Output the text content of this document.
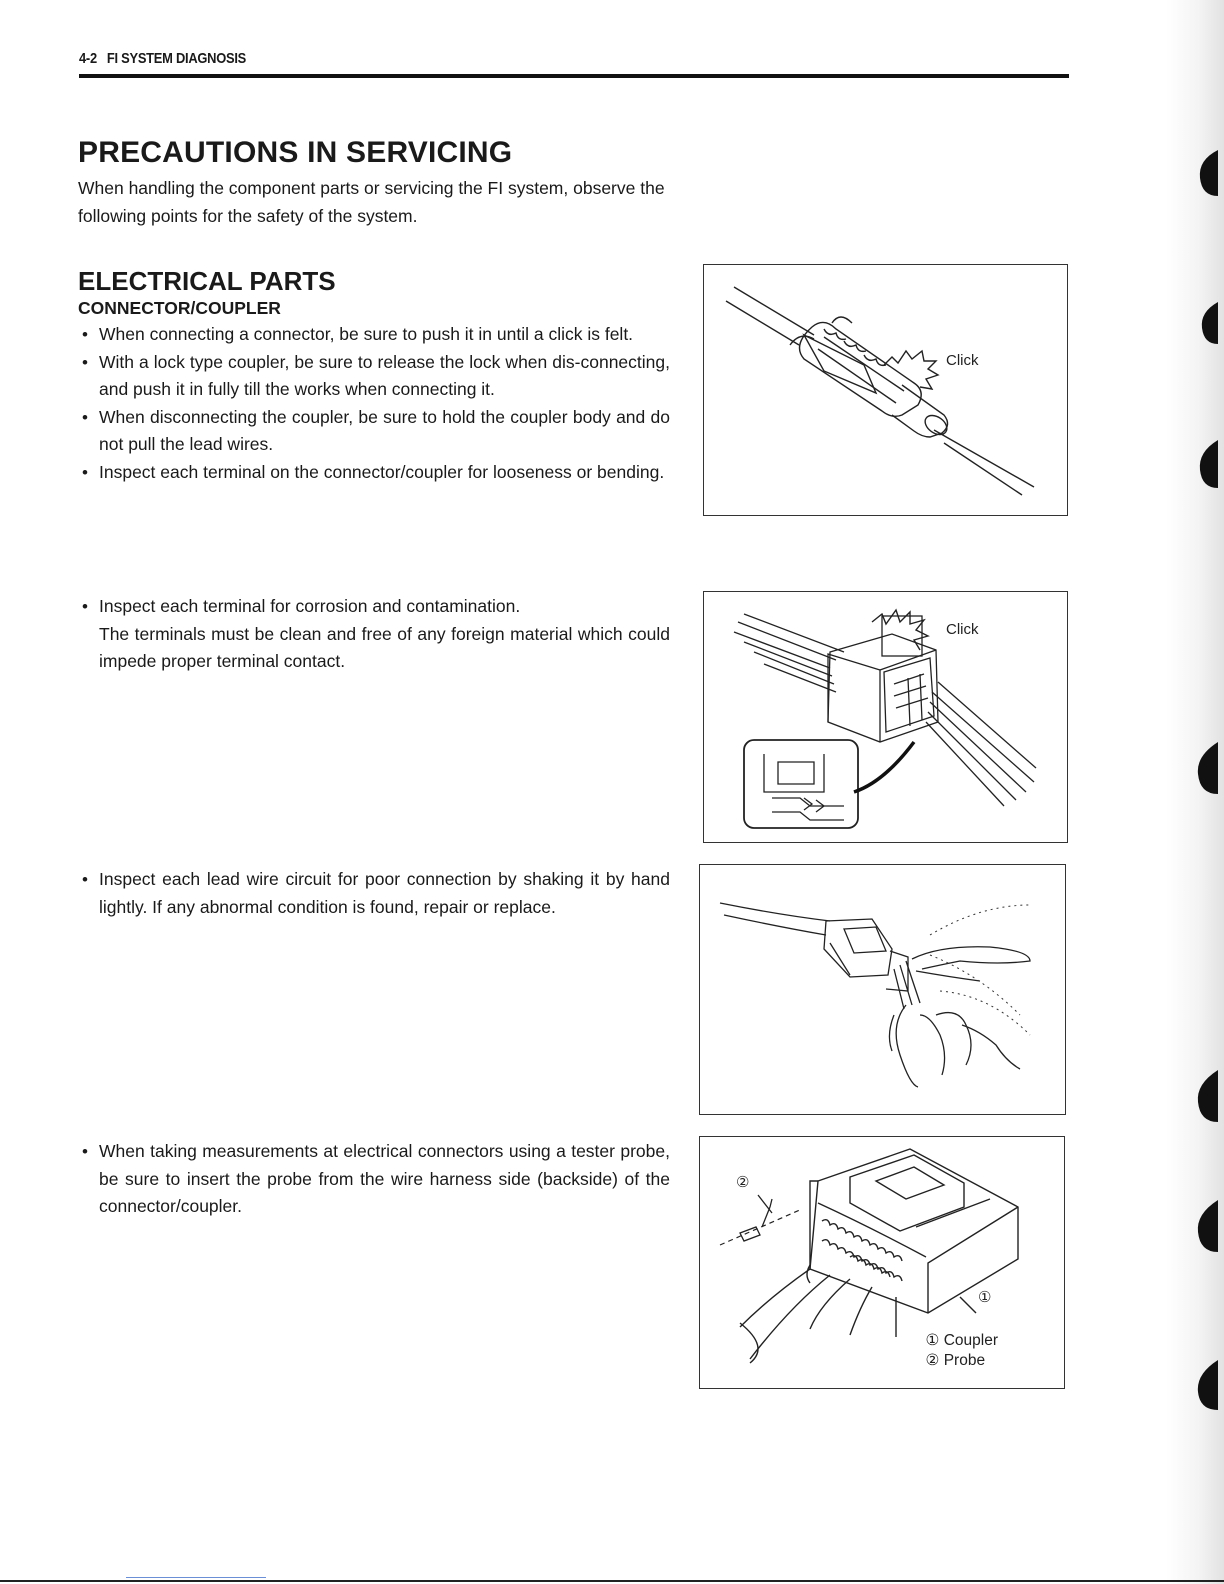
4-2 FI SYSTEM DIAGNOSIS
PRECAUTIONS IN SERVICING

When handling the component parts or servicing the FI system, observe the following points for the safety of the system.

ELECTRICAL PARTS
CONNECTOR/COUPLER
• When connecting a connector, be sure to push it in until a click is felt.
• With a lock type coupler, be sure to release the lock when dis-connecting, and push it in fully till the works when connecting it.
• When disconnecting the coupler, be sure to hold the coupler body and do not pull the lead wires.
• Inspect each terminal on the connector/coupler for looseness or bending.
• Inspect each terminal for corrosion and contamination.
The terminals must be clean and free of any foreign material which could impede proper terminal contact.
• Inspect each lead wire circuit for poor connection by shaking it by hand lightly. If any abnormal condition is found, repair or replace.
• When taking measurements at electrical connectors using a tester probe, be sure to insert the probe from the wire harness side (backside) of the connector/coupler.
Click
Click
②
①
① Coupler
② Probe
